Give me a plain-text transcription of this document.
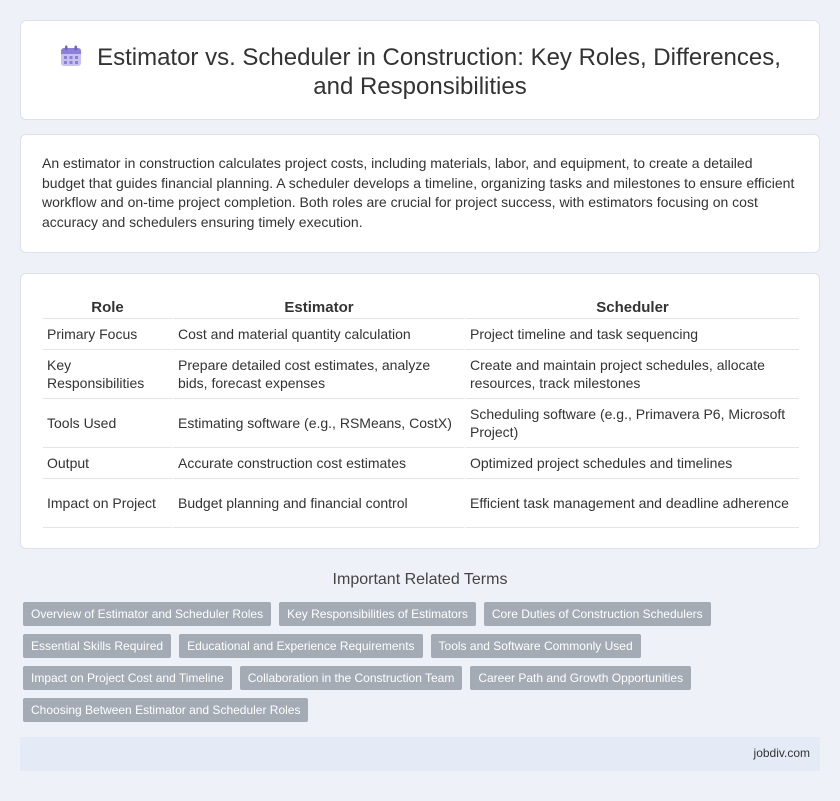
Estimator vs. Scheduler in Construction: Key Roles, Differences, and Responsibilities

An estimator in construction calculates project costs, including materials, labor, and equipment, to create a detailed budget that guides financial planning. A scheduler develops a timeline, organizing tasks and milestones to ensure efficient workflow and on-time project completion. Both roles are crucial for project success, with estimators focusing on cost accuracy and schedulers ensuring timely execution.

Role	Estimator	Scheduler
Primary Focus	Cost and material quantity calculation	Project timeline and task sequencing
Key Responsibilities	Prepare detailed cost estimates, analyze bids, forecast expenses	Create and maintain project schedules, allocate resources, track milestones
Tools Used	Estimating software (e.g., RSMeans, CostX)	Scheduling software (e.g., Primavera P6, Microsoft Project)
Output	Accurate construction cost estimates	Optimized project schedules and timelines
Impact on Project	Budget planning and financial control	Efficient task management and deadline adherence
Important Related Terms
Overview of Estimator and Scheduler Roles	Key Responsibilities of Estimators	Core Duties of Construction Schedulers
Essential Skills Required	Educational and Experience Requirements	Tools and Software Commonly Used
Impact on Project Cost and Timeline	Collaboration in the Construction Team	Career Path and Growth Opportunities
Choosing Between Estimator and Scheduler Roles
jobdiv.com
